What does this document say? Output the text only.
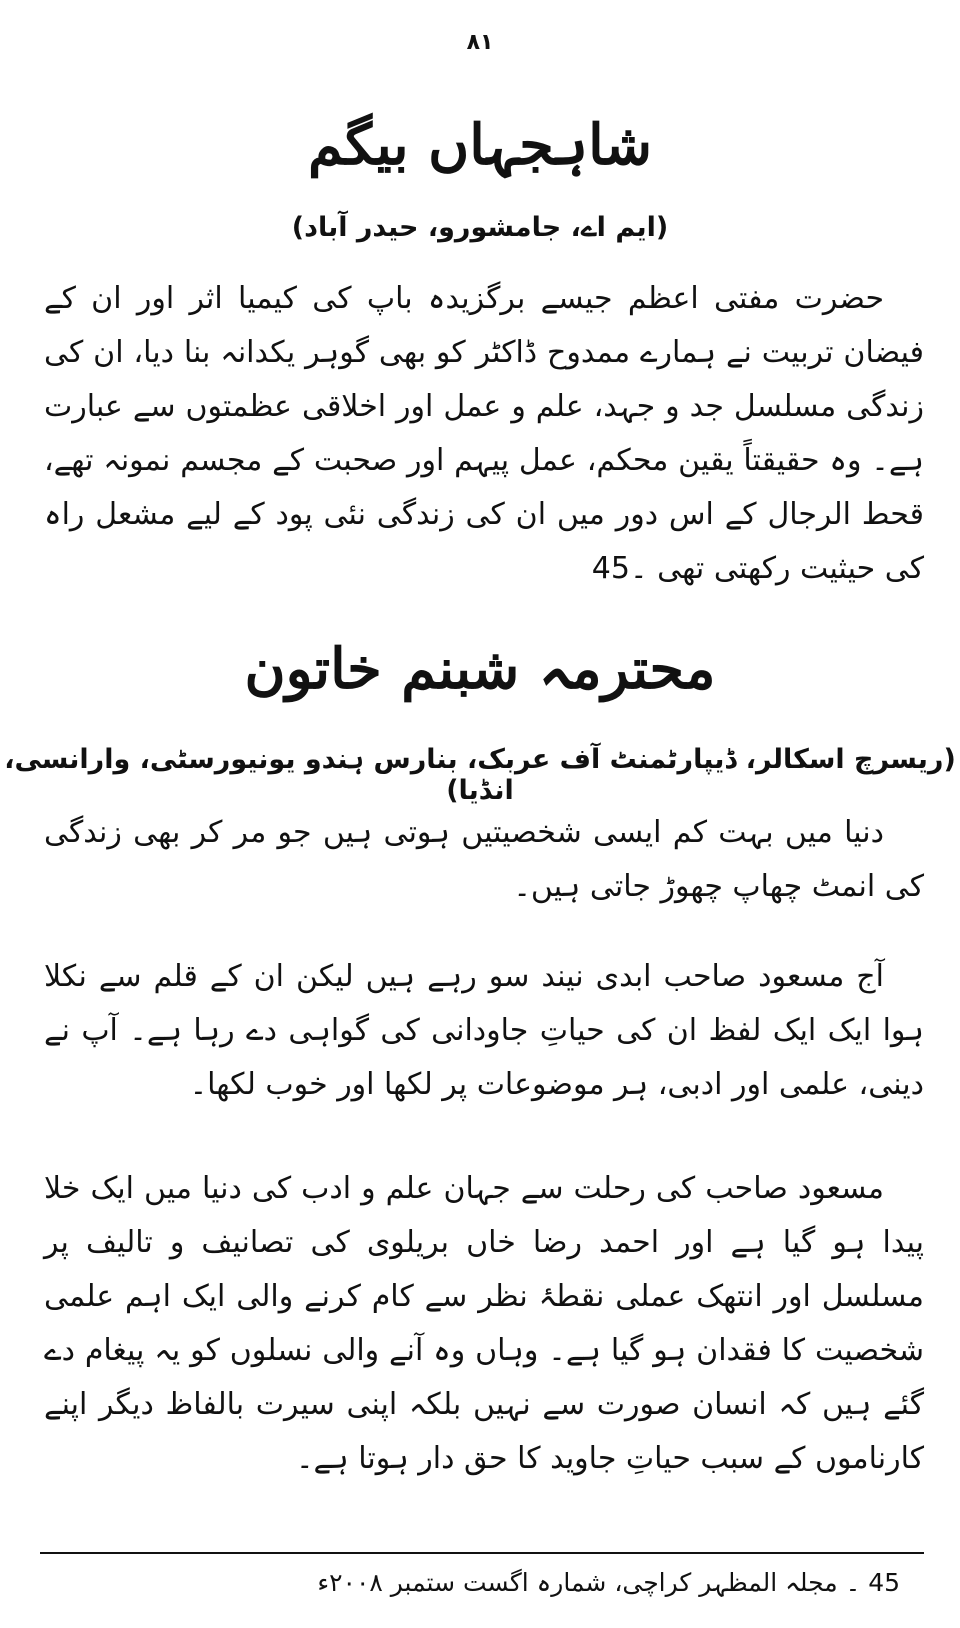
۸۱
شاہجہاں بیگم
(ایم اے، جامشورو، حیدر آباد)

حضرت مفتی اعظم جیسے برگزیدہ باپ کی کیمیا اثر اور ان کے فیضان تربیت نے ہمارے ممدوح ڈاکٹر کو بھی گوہر یکدانہ بنا دیا، ان کی زندگی مسلسل جد و جہد، علم و عمل اور اخلاقی عظمتوں سے عبارت ہے۔ وہ حقیقتاً یقین محکم، عمل پیہم اور صحبت کے مجسم نمونہ تھے، قحط الرجال کے اس دور میں ان کی زندگی نئی پود کے لیے مشعل راہ کی حیثیت رکھتی تھی ۔45

محترمہ شبنم خاتون
(ریسرچ اسکالر، ڈیپارٹمنٹ آف عربک، بنارس ہندو یونیورسٹی، وارانسی، انڈیا)

دنیا میں بہت کم ایسی شخصیتیں ہوتی ہیں جو مر کر بھی زندگی کی انمٹ چھاپ چھوڑ جاتی ہیں۔

آج مسعود صاحب ابدی نیند سو رہے ہیں لیکن ان کے قلم سے نکلا ہوا ایک ایک لفظ ان کی حیاتِ جاودانی کی گواہی دے رہا ہے۔ آپ نے دینی، علمی اور ادبی، ہر موضوعات پر لکھا اور خوب لکھا۔

مسعود صاحب کی رحلت سے جہان علم و ادب کی دنیا میں ایک خلا پیدا ہو گیا ہے اور احمد رضا خاں بریلوی کی تصانیف و تالیف پر مسلسل اور انتھک عملی نقطۂ نظر سے کام کرنے والی ایک اہم علمی شخصیت کا فقدان ہو گیا ہے۔ وہاں وہ آنے والی نسلوں کو یہ پیغام دے گئے ہیں کہ انسان صورت سے نہیں بلکہ اپنی سیرت بالفاظ دیگر اپنے کارناموں کے سبب حیاتِ جاوید کا حق دار ہوتا ہے۔

45 ۔ مجلہ المظہر کراچی، شمارہ اگست ستمبر ۲۰۰۸ء
